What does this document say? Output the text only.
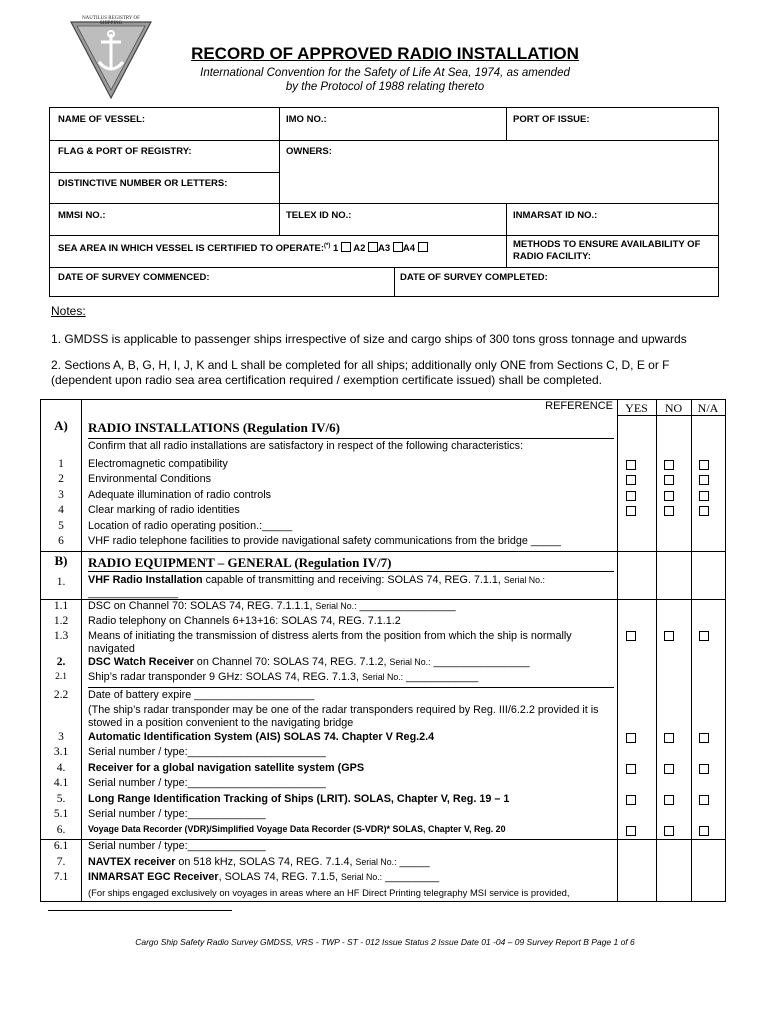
NAUTILUS REGISTRY OF SHIPPING
RECORD OF APPROVED RADIO INSTALLATION
International Convention for the Safety of Life At Sea, 1974, as amended
by the Protocol of 1988 relating thereto
NAME OF VESSEL:	IMO NO.:	PORT OF ISSUE:
FLAG & PORT OF REGISTRY:	OWNERS:
DISTINCTIVE NUMBER OR LETTERS:
MMSI NO.:	TELEX ID NO.:	INMARSAT ID NO.:
SEA AREA IN WHICH VESSEL IS CERTIFIED TO OPERATE:(*) 1 A2 A3 A4	METHODS TO ENSURE AVAILABILITY OF RADIO FACILITY:
DATE OF SURVEY COMMENCED:	DATE OF SURVEY COMPLETED:
Notes:
1. GMDSS is applicable to passenger ships irrespective of size and cargo ships of 300 tons gross tonnage and upwards
2. Sections A, B, G, H, I, J, K and L shall be completed for all ships; additionally only ONE from Sections C, D, E or F (dependent upon radio sea area certification required / exemption certificate issued) shall be completed.
REFERENCE	YES	NO	N/A
A)	RADIO INSTALLATIONS (Regulation IV/6)
Confirm that all radio installations are satisfactory in respect of the following characteristics:
1	Electromagnetic compatibility
2	Environmental Conditions
3	Adequate illumination of radio controls
4	Clear marking of radio identities
5	Location of radio operating position.:_____
6	VHF radio telephone facilities to provide navigational safety communications from the bridge _____
B)	RADIO EQUIPMENT – GENERAL (Regulation IV/7)
1.	VHF Radio Installation capable of transmitting and receiving: SOLAS 74, REG. 7.1.1, Serial No.:
_______________
1.1	DSC on Channel 70: SOLAS 74, REG. 7.1.1.1, Serial No.: ________________
1.2	Radio telephony on Channels 6+13+16: SOLAS 74, REG. 7.1.1.2
1.3	Means of initiating the transmission of distress alerts from the position from which the ship is normally navigated
2.	DSC Watch Receiver on Channel 70: SOLAS 74, REG. 7.1.2, Serial No.: ________________
2.1	Ship’s radar transponder 9 GHz: SOLAS 74, REG. 7.1.3, Serial No.: ____________
2.2	Date of battery expire ____________________
(The ship’s radar transponder may be one of the radar transponders required by Reg. III/6.2.2 provided it is stowed in a position convenient to the navigating bridge
3	Automatic Identification System (AIS) SOLAS 74. Chapter V Reg.2.4
3.1	Serial number / type:_______________________
4.	Receiver for a global navigation satellite system (GPS
4.1	Serial number / type:_______________________
5.	Long Range Identification Tracking of Ships (LRIT). SOLAS, Chapter V, Reg. 19 – 1
5.1	Serial number / type:_____________
6.	Voyage Data Recorder (VDR)/Simplified Voyage Data Recorder (S-VDR)* SOLAS, Chapter V, Reg. 20
6.1	Serial number / type:_____________
7.	NAVTEX receiver on 518 kHz, SOLAS 74, REG. 7.1.4, Serial No.: _____
7.1	INMARSAT EGC Receiver, SOLAS 74, REG. 7.1.5, Serial No.: _________
(For ships engaged exclusively on voyages in areas where an HF Direct Printing telegraphy MSI service is provided,
Cargo Ship Safety Radio Survey GMDSS, VRS - TWP - ST - 012 Issue Status 2 Issue Date 01 -04 – 09 Survey Report B Page 1 of 6
